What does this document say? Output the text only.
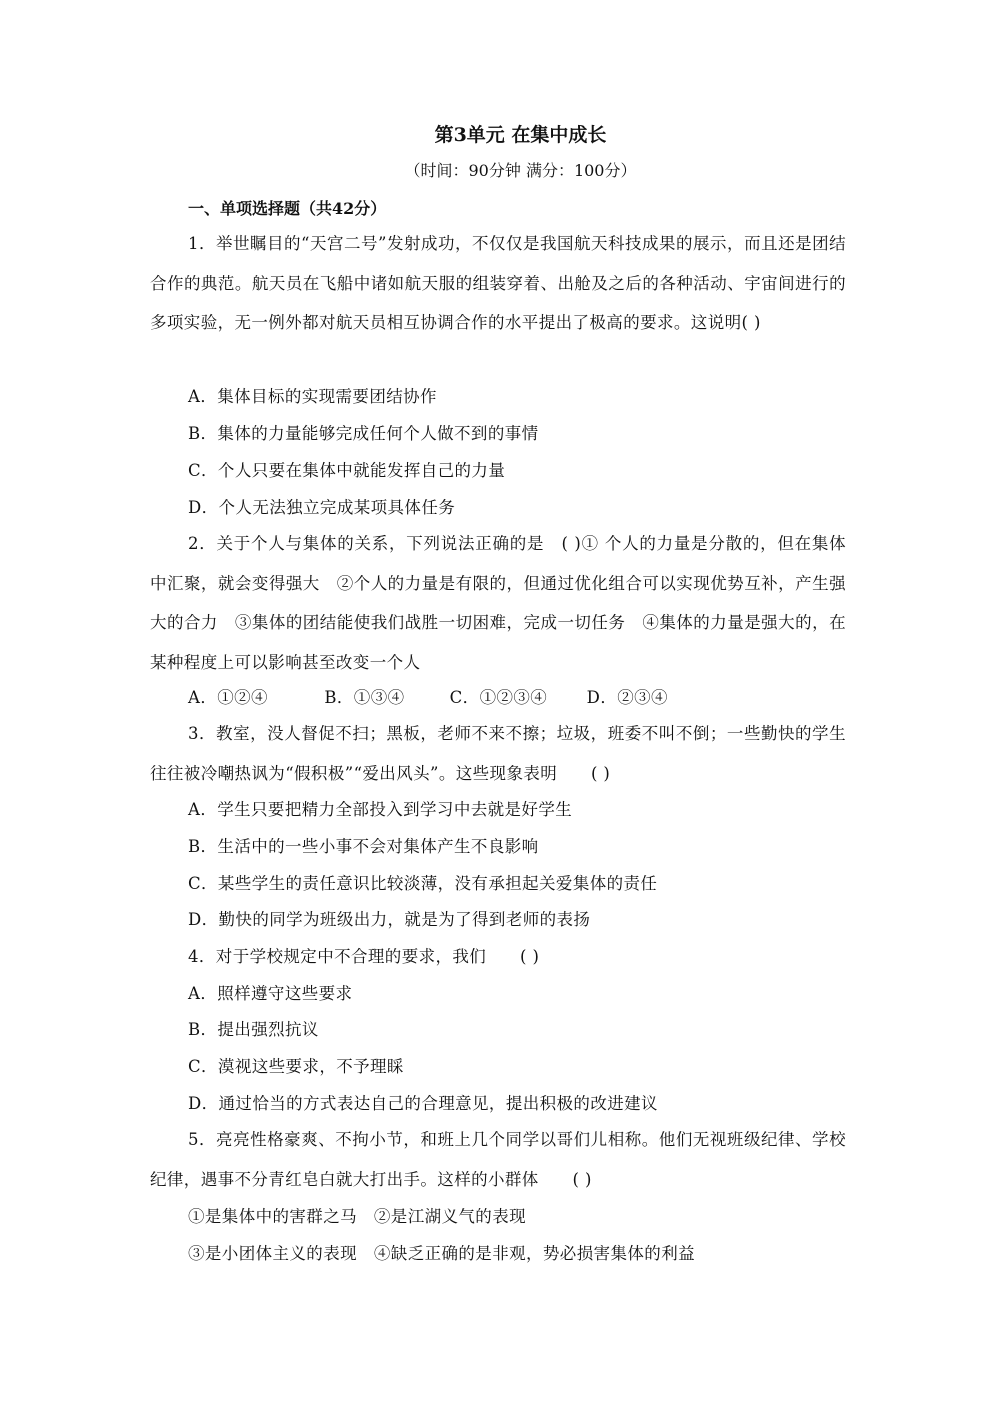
第3单元 在集中成长
（时间：90分钟 满分：100分）
一、单项选择题（共42分）
1．举世瞩目的“天宫二号”发射成功，不仅仅是我国航天科技成果的展示，而且还是团结合作的典范。航天员在飞船中诸如航天服的组装穿着、出舱及之后的各种活动、宇宙间进行的多项实验，无一例外都对航天员相互协调合作的水平提出了极高的要求。这说明( )
A．集体目标的实现需要团结协作
B．集体的力量能够完成任何个人做不到的事情
C．个人只要在集体中就能发挥自己的力量
D．个人无法独立完成某项具体任务
2．关于个人与集体的关系，下列说法正确的是　( )① 个人的力量是分散的，但在集体中汇聚，就会变得强大　②个人的力量是有限的，但通过优化组合可以实现优势互补，产生强大的合力　③集体的团结能使我们战胜一切困难，完成一切任务　④集体的力量是强大的，在某种程度上可以影响甚至改变一个人
A．①②④          B．①③④        C．①②③④       D．②③④
3．教室，没人督促不扫；黑板，老师不来不擦；垃圾，班委不叫不倒；一些勤快的学生往往被冷嘲热讽为“假积极”“爱出风头”。这些现象表明　　( )
A．学生只要把精力全部投入到学习中去就是好学生
B．生活中的一些小事不会对集体产生不良影响
C．某些学生的责任意识比较淡薄，没有承担起关爱集体的责任
D．勤快的同学为班级出力，就是为了得到老师的表扬
4．对于学校规定中不合理的要求，我们　　( )
A．照样遵守这些要求
B．提出强烈抗议
C．漠视这些要求，不予理睬
D．通过恰当的方式表达自己的合理意见，提出积极的改进建议
5．亮亮性格豪爽、不拘小节，和班上几个同学以哥们儿相称。他们无视班级纪律、学校纪律，遇事不分青红皂白就大打出手。这样的小群体　　( )
①是集体中的害群之马　②是江湖义气的表现
③是小团体主义的表现　④缺乏正确的是非观，势必损害集体的利益
